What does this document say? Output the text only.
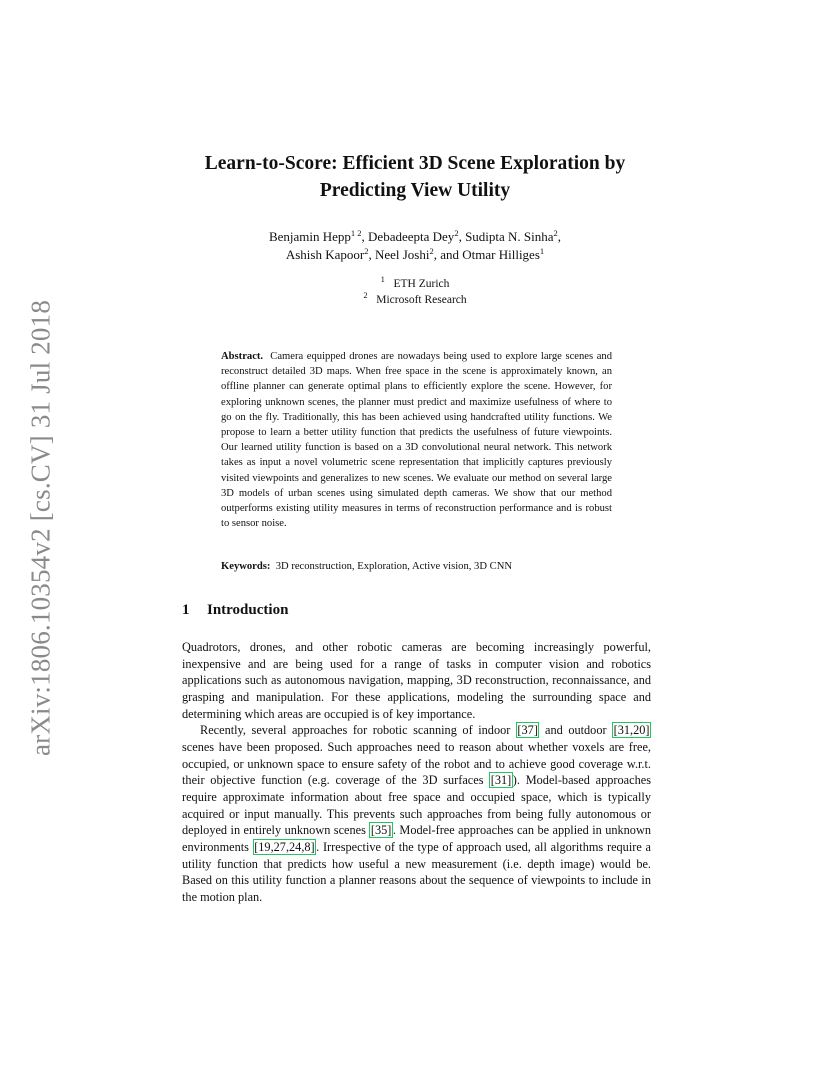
arXiv:1806.10354v2 [cs.CV] 31 Jul 2018
Learn-to-Score: Efficient 3D Scene Exploration by
Predicting View Utility
Benjamin Hepp$^{1 2}$, Debadeepta Dey$^2$, Sudipta N. Sinha$^2$,
Ashish Kapoor$^2$, Neel Joshi$^2$, and Otmar Hilliges$^1$
$^1$ ETH Zurich
$^2$ Microsoft Research
Abstract. Camera equipped drones are nowadays being used to explore large scenes and reconstruct detailed 3D maps. When free space in the scene is approximately known, an offline planner can generate optimal plans to efficiently explore the scene. However, for exploring unknown scenes, the planner must predict and maximize usefulness of where to go on the fly. Traditionally, this has been achieved using handcrafted utility functions. We propose to learn a better utility function that predicts the usefulness of future viewpoints. Our learned utility function is based on a 3D convolutional neural network. This network takes as input a novel volumetric scene representation that implicitly captures previously visited viewpoints and generalizes to new scenes. We evaluate our method on several large 3D models of urban scenes using simulated depth cameras. We show that our method outperforms existing utility measures in terms of reconstruction performance and is robust to sensor noise.
Keywords: 3D reconstruction, Exploration, Active vision, 3D CNN
1 Introduction

Quadrotors, drones, and other robotic cameras are becoming increasingly powerful, inexpensive and are being used for a range of tasks in computer vision and robotics applications such as autonomous navigation, mapping, 3D reconstruction, reconnaissance, and grasping and manipulation. For these applications, modeling the surrounding space and determining which areas are occupied is of key importance.

Recently, several approaches for robotic scanning of indoor [37] and outdoor [31,20] scenes have been proposed. Such approaches need to reason about whether voxels are free, occupied, or unknown space to ensure safety of the robot and to achieve good coverage w.r.t. their objective function (e.g. coverage of the 3D surfaces [31] ). Model-based approaches require approximate information about free space and occupied space, which is typically acquired or input manually. This prevents such approaches from being fully autonomous or deployed in entirely unknown scenes [35] . Model-free approaches can be applied in unknown environments [19,27,24,8] . Irrespective of the type of approach used, all algorithms require a utility function that predicts how useful a new measurement (i.e. depth image) would be. Based on this utility function a planner reasons about the sequence of viewpoints to include in the motion plan.
